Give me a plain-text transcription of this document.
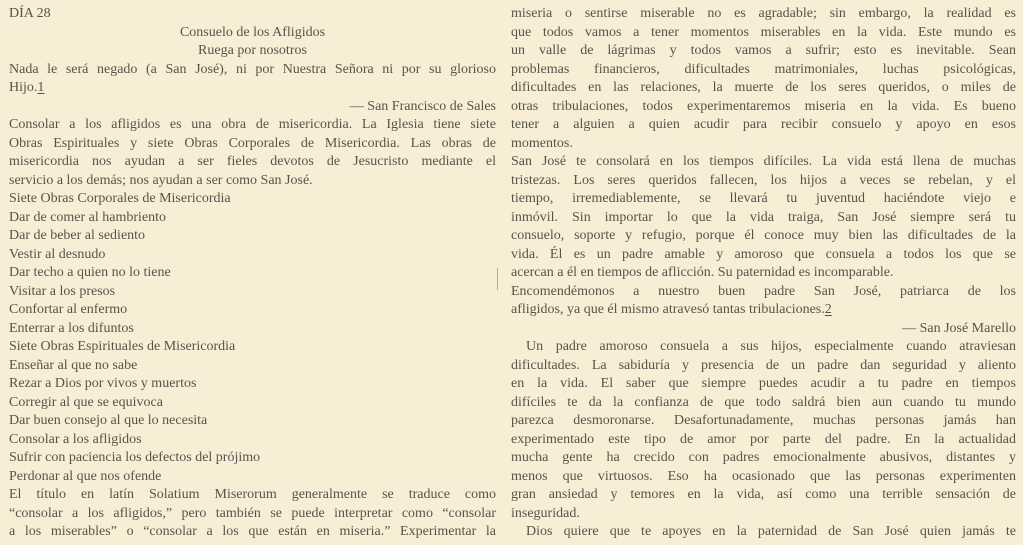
DÍA 28
Consuelo de los Afligidos
Ruega por nosotros
Nada le será negado (a San José), ni por Nuestra Señora ni por su glorioso
Hijo.1
— San Francisco de Sales
Consolar a los afligidos es una obra de misericordia. La Iglesia tiene siete
Obras Espirituales y siete Obras Corporales de Misericordia. Las obras de
misericordia nos ayudan a ser fieles devotos de Jesucristo mediante el
servicio a los demás; nos ayudan a ser como San José.
Siete Obras Corporales de Misericordia
Dar de comer al hambriento
Dar de beber al sediento
Vestir al desnudo
Dar techo a quien no lo tiene
Visitar a los presos
Confortar al enfermo
Enterrar a los difuntos
Siete Obras Espirituales de Misericordia
Enseñar al que no sabe
Rezar a Dios por vivos y muertos
Corregir al que se equivoca
Dar buen consejo al que lo necesita
Consolar a los afligidos
Sufrir con paciencia los defectos del prójimo
Perdonar al que nos ofende
El título en latín Solatium Miserorum generalmente se traduce como
“consolar a los afligidos,” pero también se puede interpretar como “consolar
a los miserables” o “consolar a los que están en miseria.” Experimentar la
miseria o sentirse miserable no es agradable; sin embargo, la realidad es
que todos vamos a tener momentos miserables en la vida. Este mundo es
un valle de lágrimas y todos vamos a sufrir; esto es inevitable. Sean
problemas financieros, dificultades matrimoniales, luchas psicológicas,
dificultades en las relaciones, la muerte de los seres queridos, o miles de
otras tribulaciones, todos experimentaremos miseria en la vida. Es bueno
tener a alguien a quien acudir para recibir consuelo y apoyo en esos
momentos.
San José te consolará en los tiempos difíciles. La vida está llena de muchas
tristezas. Los seres queridos fallecen, los hijos a veces se rebelan, y el
tiempo, irremediablemente, se llevará tu juventud haciéndote viejo e
inmóvil. Sin importar lo que la vida traiga, San José siempre será tu
consuelo, soporte y refugio, porque él conoce muy bien las dificultades de la
vida. Él es un padre amable y amoroso que consuela a todos los que se
acercan a él en tiempos de aflicción. Su paternidad es incomparable.
Encomendémonos a nuestro buen padre San José, patriarca de los
afligidos, ya que él mismo atravesó tantas tribulaciones.2
— San José Marello
Un padre amoroso consuela a sus hijos, especialmente cuando atraviesan
dificultades. La sabiduría y presencia de un padre dan seguridad y aliento
en la vida. El saber que siempre puedes acudir a tu padre en tiempos
difíciles te da la confianza de que todo saldrá bien aun cuando tu mundo
parezca desmoronarse. Desafortunadamente, muchas personas jamás han
experimentado este tipo de amor por parte del padre. En la actualidad
mucha gente ha crecido con padres emocionalmente abusivos, distantes y
menos que virtuosos. Eso ha ocasionado que las personas experimenten
gran ansiedad y temores en la vida, así como una terrible sensación de
inseguridad.
Dios quiere que te apoyes en la paternidad de San José quien jamás te
